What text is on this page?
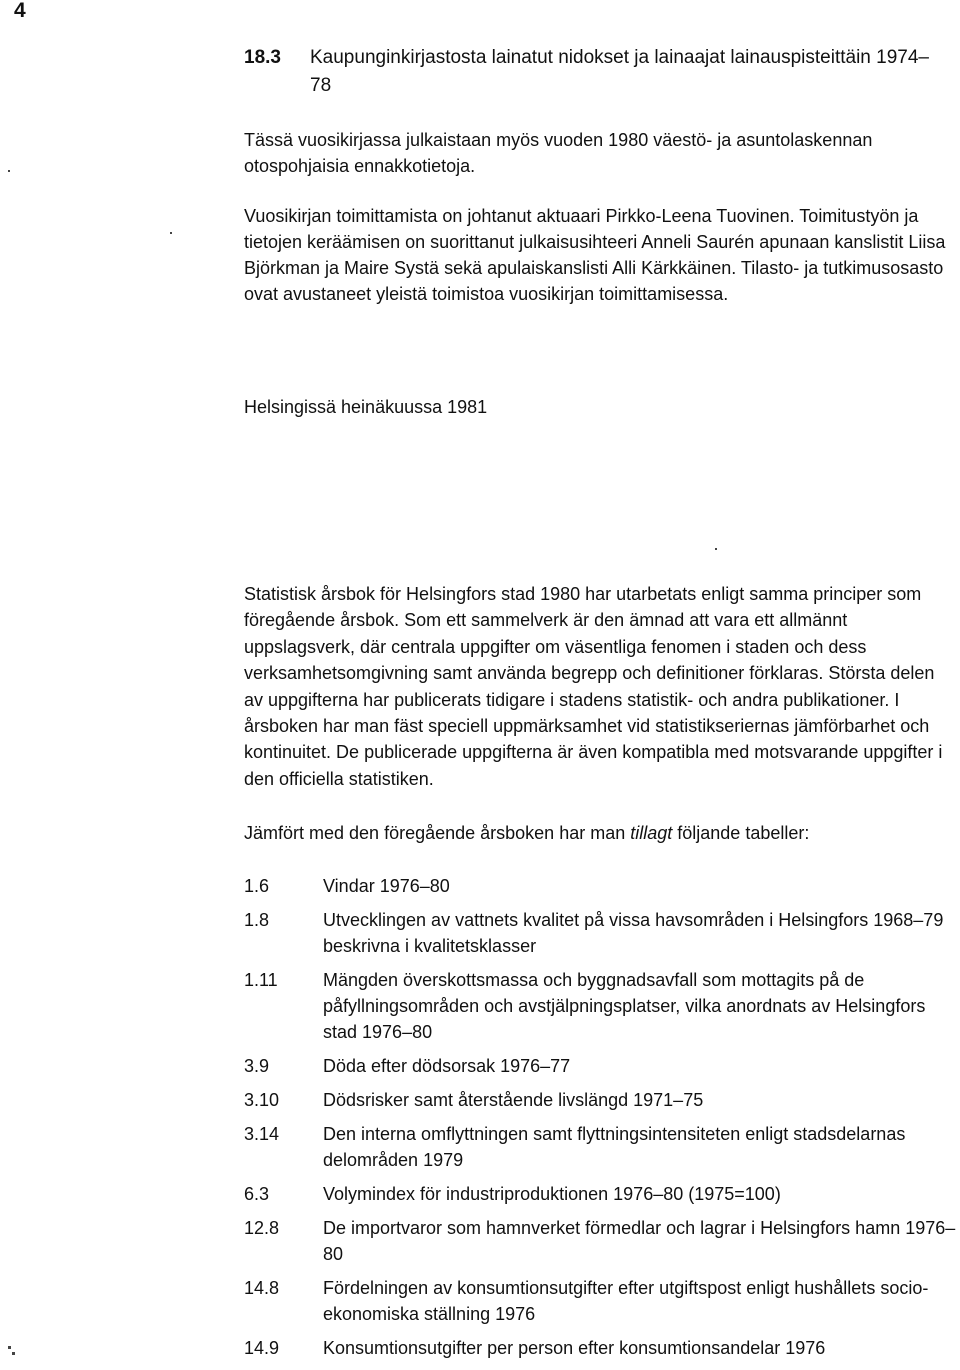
4
18.3	Kaupunginkirjastosta lainatut nidokset ja lainaajat lainauspisteittäin 1974–78

Tässä vuosikirjassa julkaistaan myös vuoden 1980 väestö- ja asuntolaskennan otospohjaisia ennakkotietoja.

Vuosikirjan toimittamista on johtanut aktuaari Pirkko-Leena Tuovinen. Toimitustyön ja tietojen keräämisen on suorittanut julkaisusihteeri Anneli Saurén apunaan kanslistit Liisa Björkman ja Maire Systä sekä apulaiskanslisti Alli Kärkkäinen. Tilasto- ja tutkimusosasto ovat avustaneet yleistä toimistoa vuosikirjan toimittamisessa.

Helsingissä heinäkuussa 1981

Statistisk årsbok för Helsingfors stad 1980 har utarbetats enligt samma principer som föregående årsbok. Som ett sammelverk är den ämnad att vara ett allmännt uppslagsverk, där centrala uppgifter om väsentliga fenomen i staden och dess verksamhetsomgivning samt använda begrepp och definitioner förklaras. Största delen av uppgifterna har publicerats tidigare i stadens statistik- och andra publikationer. I årsboken har man fäst speciell uppmärksamhet vid statistikseriernas jämförbarhet och kontinuitet. De publicerade uppgifterna är även kompatibla med motsvarande uppgifter i den officiella statistiken.

Jämfört med den föregående årsboken har man tillagt följande tabeller:

1.6	Vindar 1976–80
1.8	Utvecklingen av vattnets kvalitet på vissa havsområden i Helsingfors 1968–79 beskrivna i kvalitetsklasser
1.11	Mängden överskottsmassa och byggnadsavfall som mottagits på de påfyllningsområden och avstjälpningsplatser, vilka anordnats av Helsingfors stad 1976–80
3.9	Döda efter dödsorsak 1976–77
3.10	Dödsrisker samt återstående livslängd 1971–75
3.14	Den interna omflyttningen samt flyttningsintensiteten enligt stadsdelarnas delområden 1979
6.3	Volymindex för industriproduktionen 1976–80 (1975=100)
12.8	De importvaror som hamnverket förmedlar och lagrar i Helsingfors hamn 1976–80
14.8	Fördelningen av konsumtionsutgifter efter utgiftspost enligt hushållets socio-ekonomiska ställning 1976
14.9	Konsumtionsutgifter per person efter konsumtionsandelar 1976
